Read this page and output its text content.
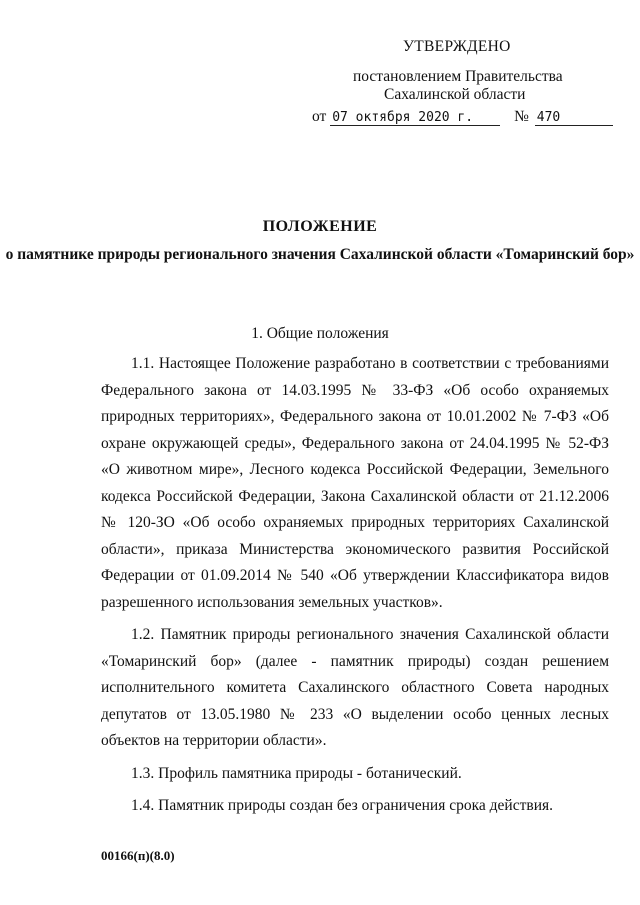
УТВЕРЖДЕНО
постановлением Правительства
Сахалинской области
от 07 октября 2020 г.	№ 470
ПОЛОЖЕНИЕ
о памятнике природы регионального значения Сахалинской области «Томаринский бор»
1. Общие положения

1.1. Настоящее Положение разработано в соответствии с требованиями Федерального закона от 14.03.1995 № 33-ФЗ «Об особо охраняемых природных территориях», Федерального закона от 10.01.2002 № 7-ФЗ «Об охране окружающей среды», Федерального закона от 24.04.1995 № 52-ФЗ «О животном мире», Лесного кодекса Российской Федерации, Земельного кодекса Российской Федерации, Закона Сахалинской области от 21.12.2006 № 120-ЗО «Об особо охраняемых природных территориях Сахалинской области», приказа Министерства экономического развития Российской Федерации от 01.09.2014 № 540 «Об утверждении Классификатора видов разрешенного использования земельных участков».

1.2. Памятник природы регионального значения Сахалинской области «Томаринский бор» (далее - памятник природы) создан решением исполнительного комитета Сахалинского областного Совета народных депутатов от 13.05.1980 № 233 «О выделении особо ценных лесных объектов на территории области».

1.3. Профиль памятника природы - ботанический.

1.4. Памятник природы создан без ограничения срока действия.

00166(п)(8.0)
